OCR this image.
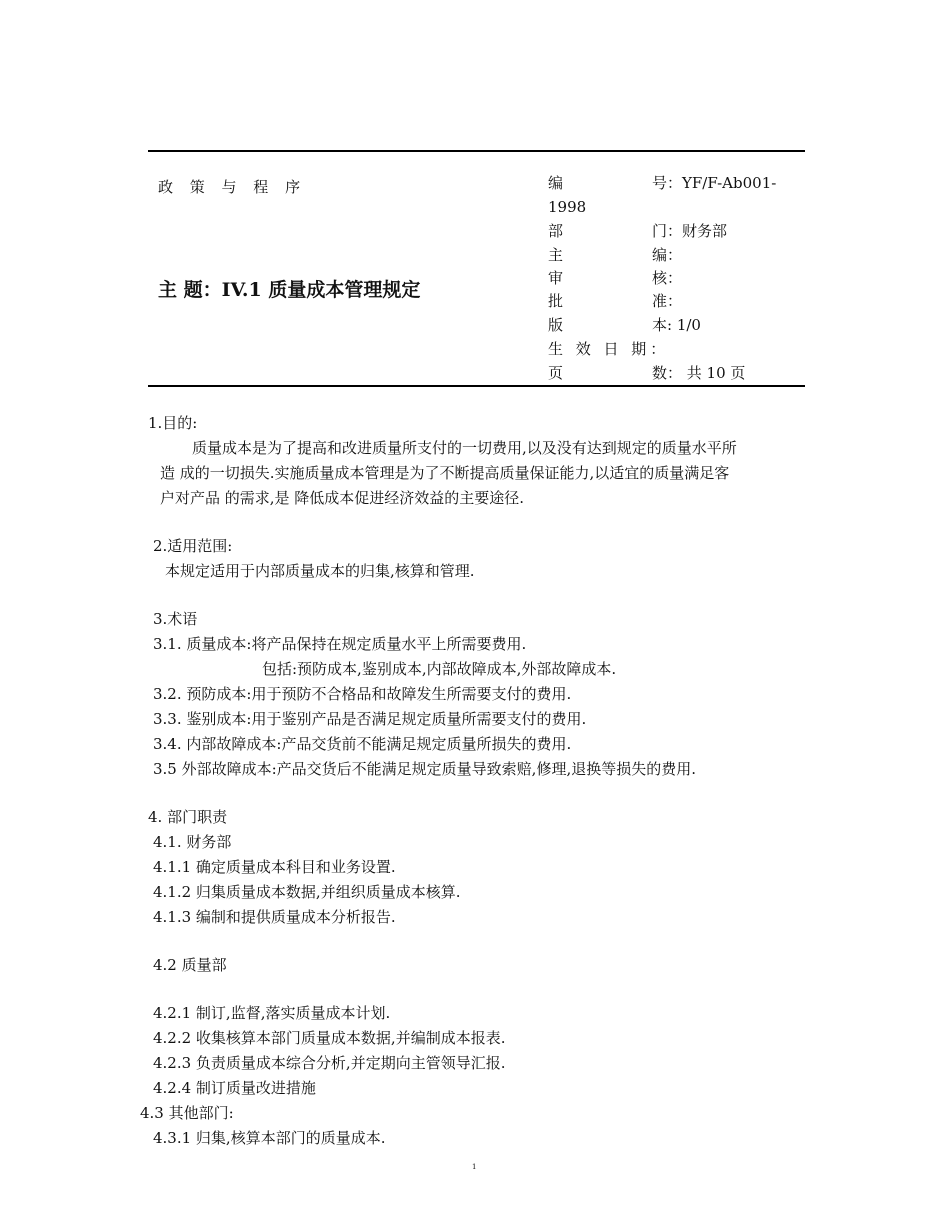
政 策 与 程 序
主 题：IV.1 质量成本管理规定
编	号：YF/F-Ab001-
1998
部	门：财务部
主	编：
审	核：
批	准：
版	本: 1/0
生 效 日 期：
页	数： 共 10 页
1.目的:
质量成本是为了提高和改进质量所支付的一切费用,以及没有达到规定的质量水平所
造 成的一切损失.实施质量成本管理是为了不断提高质量保证能力,以适宜的质量满足客
户对产品 的需求,是 降低成本促进经济效益的主要途径.
2.适用范围:
本规定适用于内部质量成本的归集,核算和管理.
3.术语
3.1. 质量成本:将产品保持在规定质量水平上所需要费用.
包括:预防成本,鉴别成本,内部故障成本,外部故障成本.
3.2. 预防成本:用于预防不合格品和故障发生所需要支付的费用.
3.3. 鉴别成本:用于鉴别产品是否满足规定质量所需要支付的费用.
3.4. 内部故障成本:产品交货前不能满足规定质量所损失的费用.
3.5 外部故障成本:产品交货后不能满足规定质量导致索赔,修理,退换等损失的费用.
4. 部门职责
4.1. 财务部
4.1.1 确定质量成本科目和业务设置.
4.1.2 归集质量成本数据,并组织质量成本核算.
4.1.3 编制和提供质量成本分析报告.
4.2 质量部
4.2.1 制订,监督,落实质量成本计划.
4.2.2 收集核算本部门质量成本数据,并编制成本报表.
4.2.3 负责质量成本综合分析,并定期向主管领导汇报.
4.2.4 制订质量改进措施
4.3 其他部门:
4.3.1 归集,核算本部门的质量成本.
1
